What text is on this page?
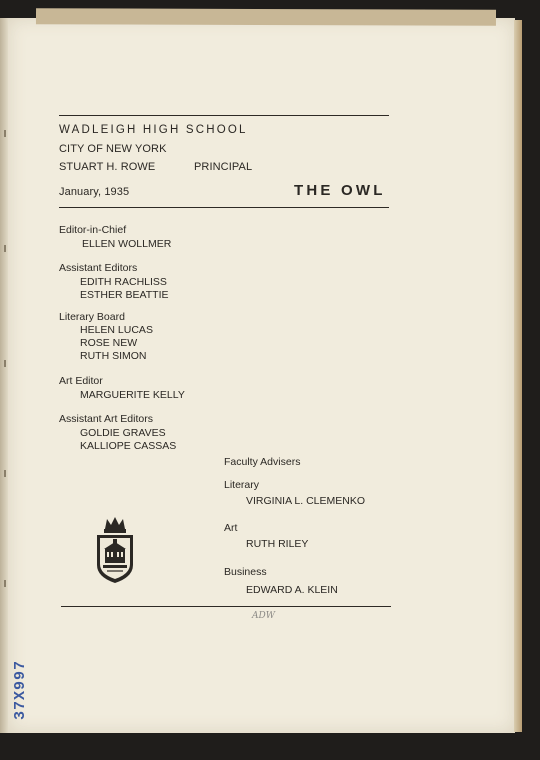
WADLEIGH HIGH SCHOOL
CITY OF NEW YORK
STUART H. ROWE	PRINCIPAL
January, 1935	THE OWL
Editor-in-Chief
ELLEN WOLLMER
Assistant Editors
EDITH RACHLISS
ESTHER BEATTIE
Literary Board
HELEN LUCAS
ROSE NEW
RUTH SIMON
Art Editor
MARGUERITE KELLY
Assistant Art Editors
GOLDIE GRAVES
KALLIOPE CASSAS
Faculty Advisers
Literary
VIRGINIA L. CLEMENKO
Art
RUTH RILEY
Business
EDWARD A. KLEIN
ADW
37X997
